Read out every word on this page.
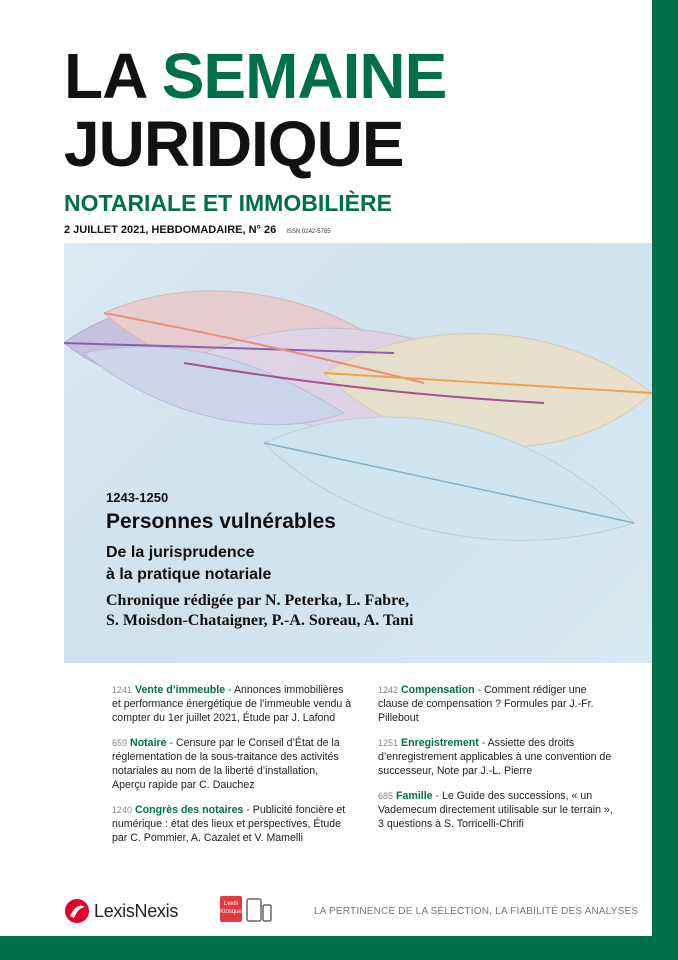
LA SEMAINE
JURIDIQUE
NOTARIALE ET IMMOBILIÈRE
2 JUILLET 2021, HEBDOMADAIRE, N° 26 ISSN 0242-5785
1243-1250
Personnes vulnérables
De la jurisprudence
à la pratique notariale
Chronique rédigée par N. Peterka, L. Fabre,
S. Moisdon-Chataigner, P.-A. Soreau, A. Tani

1241 Vente d’immeuble - Annonces immobilières et performance énergétique de l’immeuble vendu à compter du 1er juillet 2021, Étude par J. Lafond

659 Notaire - Censure par le Conseil d’État de la réglementation de la sous-traitance des activités notariales au nom de la liberté d’installation, Aperçu rapide par C. Dauchez

1240 Congrès des notaires - Publicité foncière et numérique : état des lieux et perspectives, Étude par C. Pommier, A. Cazalet et V. Mamelli

1242 Compensation - Comment rédiger une clause de compensation ? Formules par J.-Fr. Pillebout

1251 Enregistrement - Assiette des droits d’enregistrement applicables à une convention de successeur, Note par J.-L. Pierre

685 Famille - Le Guide des successions, « un Vademecum directement utilisable sur le terrain », 3 questions à S. Torricelli-Chrifi

LexisNexis	Lexis
Kiosque	LA PERTINENCE DE LA SÉLECTION, LA FIABILITÉ DES ANALYSES
